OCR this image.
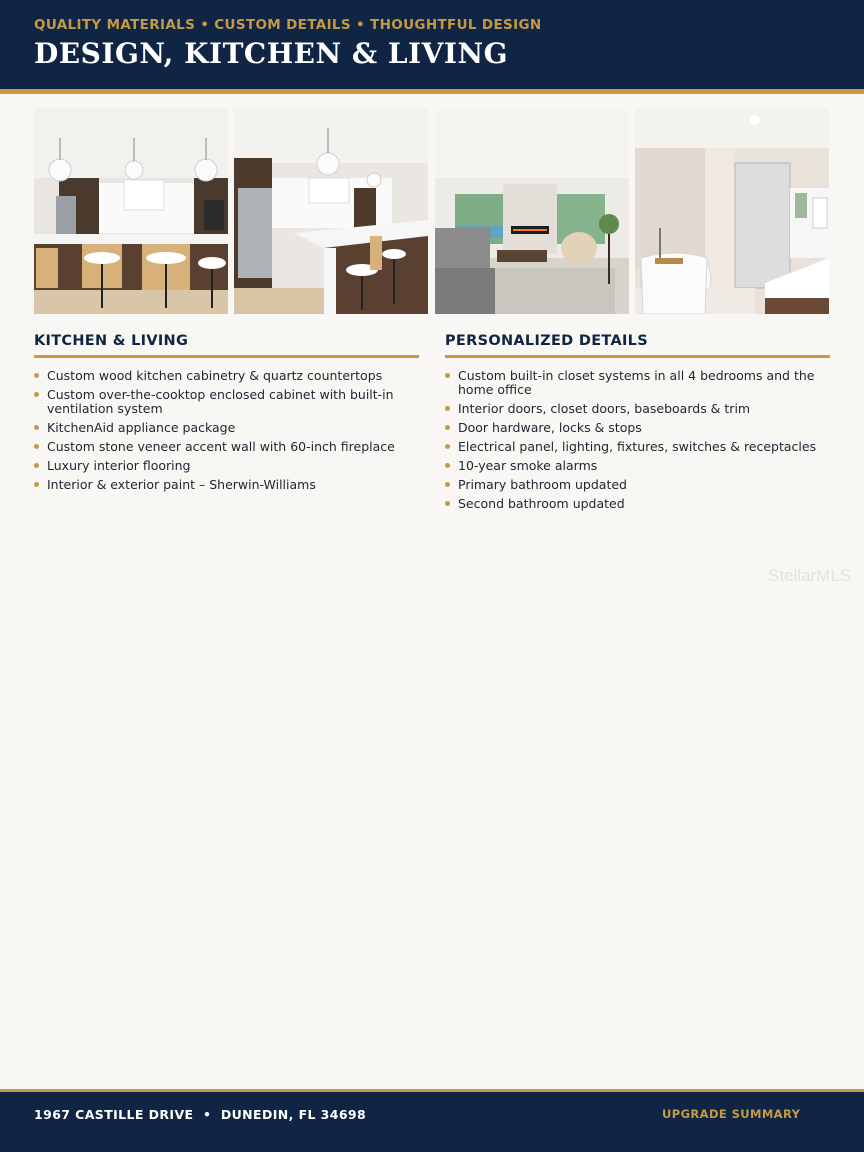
QUALITY MATERIALS • CUSTOM DETAILS • THOUGHTFUL DESIGN
DESIGN, KITCHEN & LIVING
KITCHEN & LIVING
Custom wood kitchen cabinetry & quartz countertops
Custom over-the-cooktop enclosed cabinet with built-in ventilation system
KitchenAid appliance package
Custom stone veneer accent wall with 60-inch fireplace
Luxury interior flooring
Interior & exterior paint – Sherwin-Williams
PERSONALIZED DETAILS
Custom built-in closet systems in all 4 bedrooms and the home office
Interior doors, closet doors, baseboards & trim
Door hardware, locks & stops
Electrical panel, lighting, fixtures, switches & receptacles
10-year smoke alarms
Primary bathroom updated
Second bathroom updated
StellarMLS
1967 CASTILLE DRIVE  •  DUNEDIN, FL 34698	UPGRADE SUMMARY
